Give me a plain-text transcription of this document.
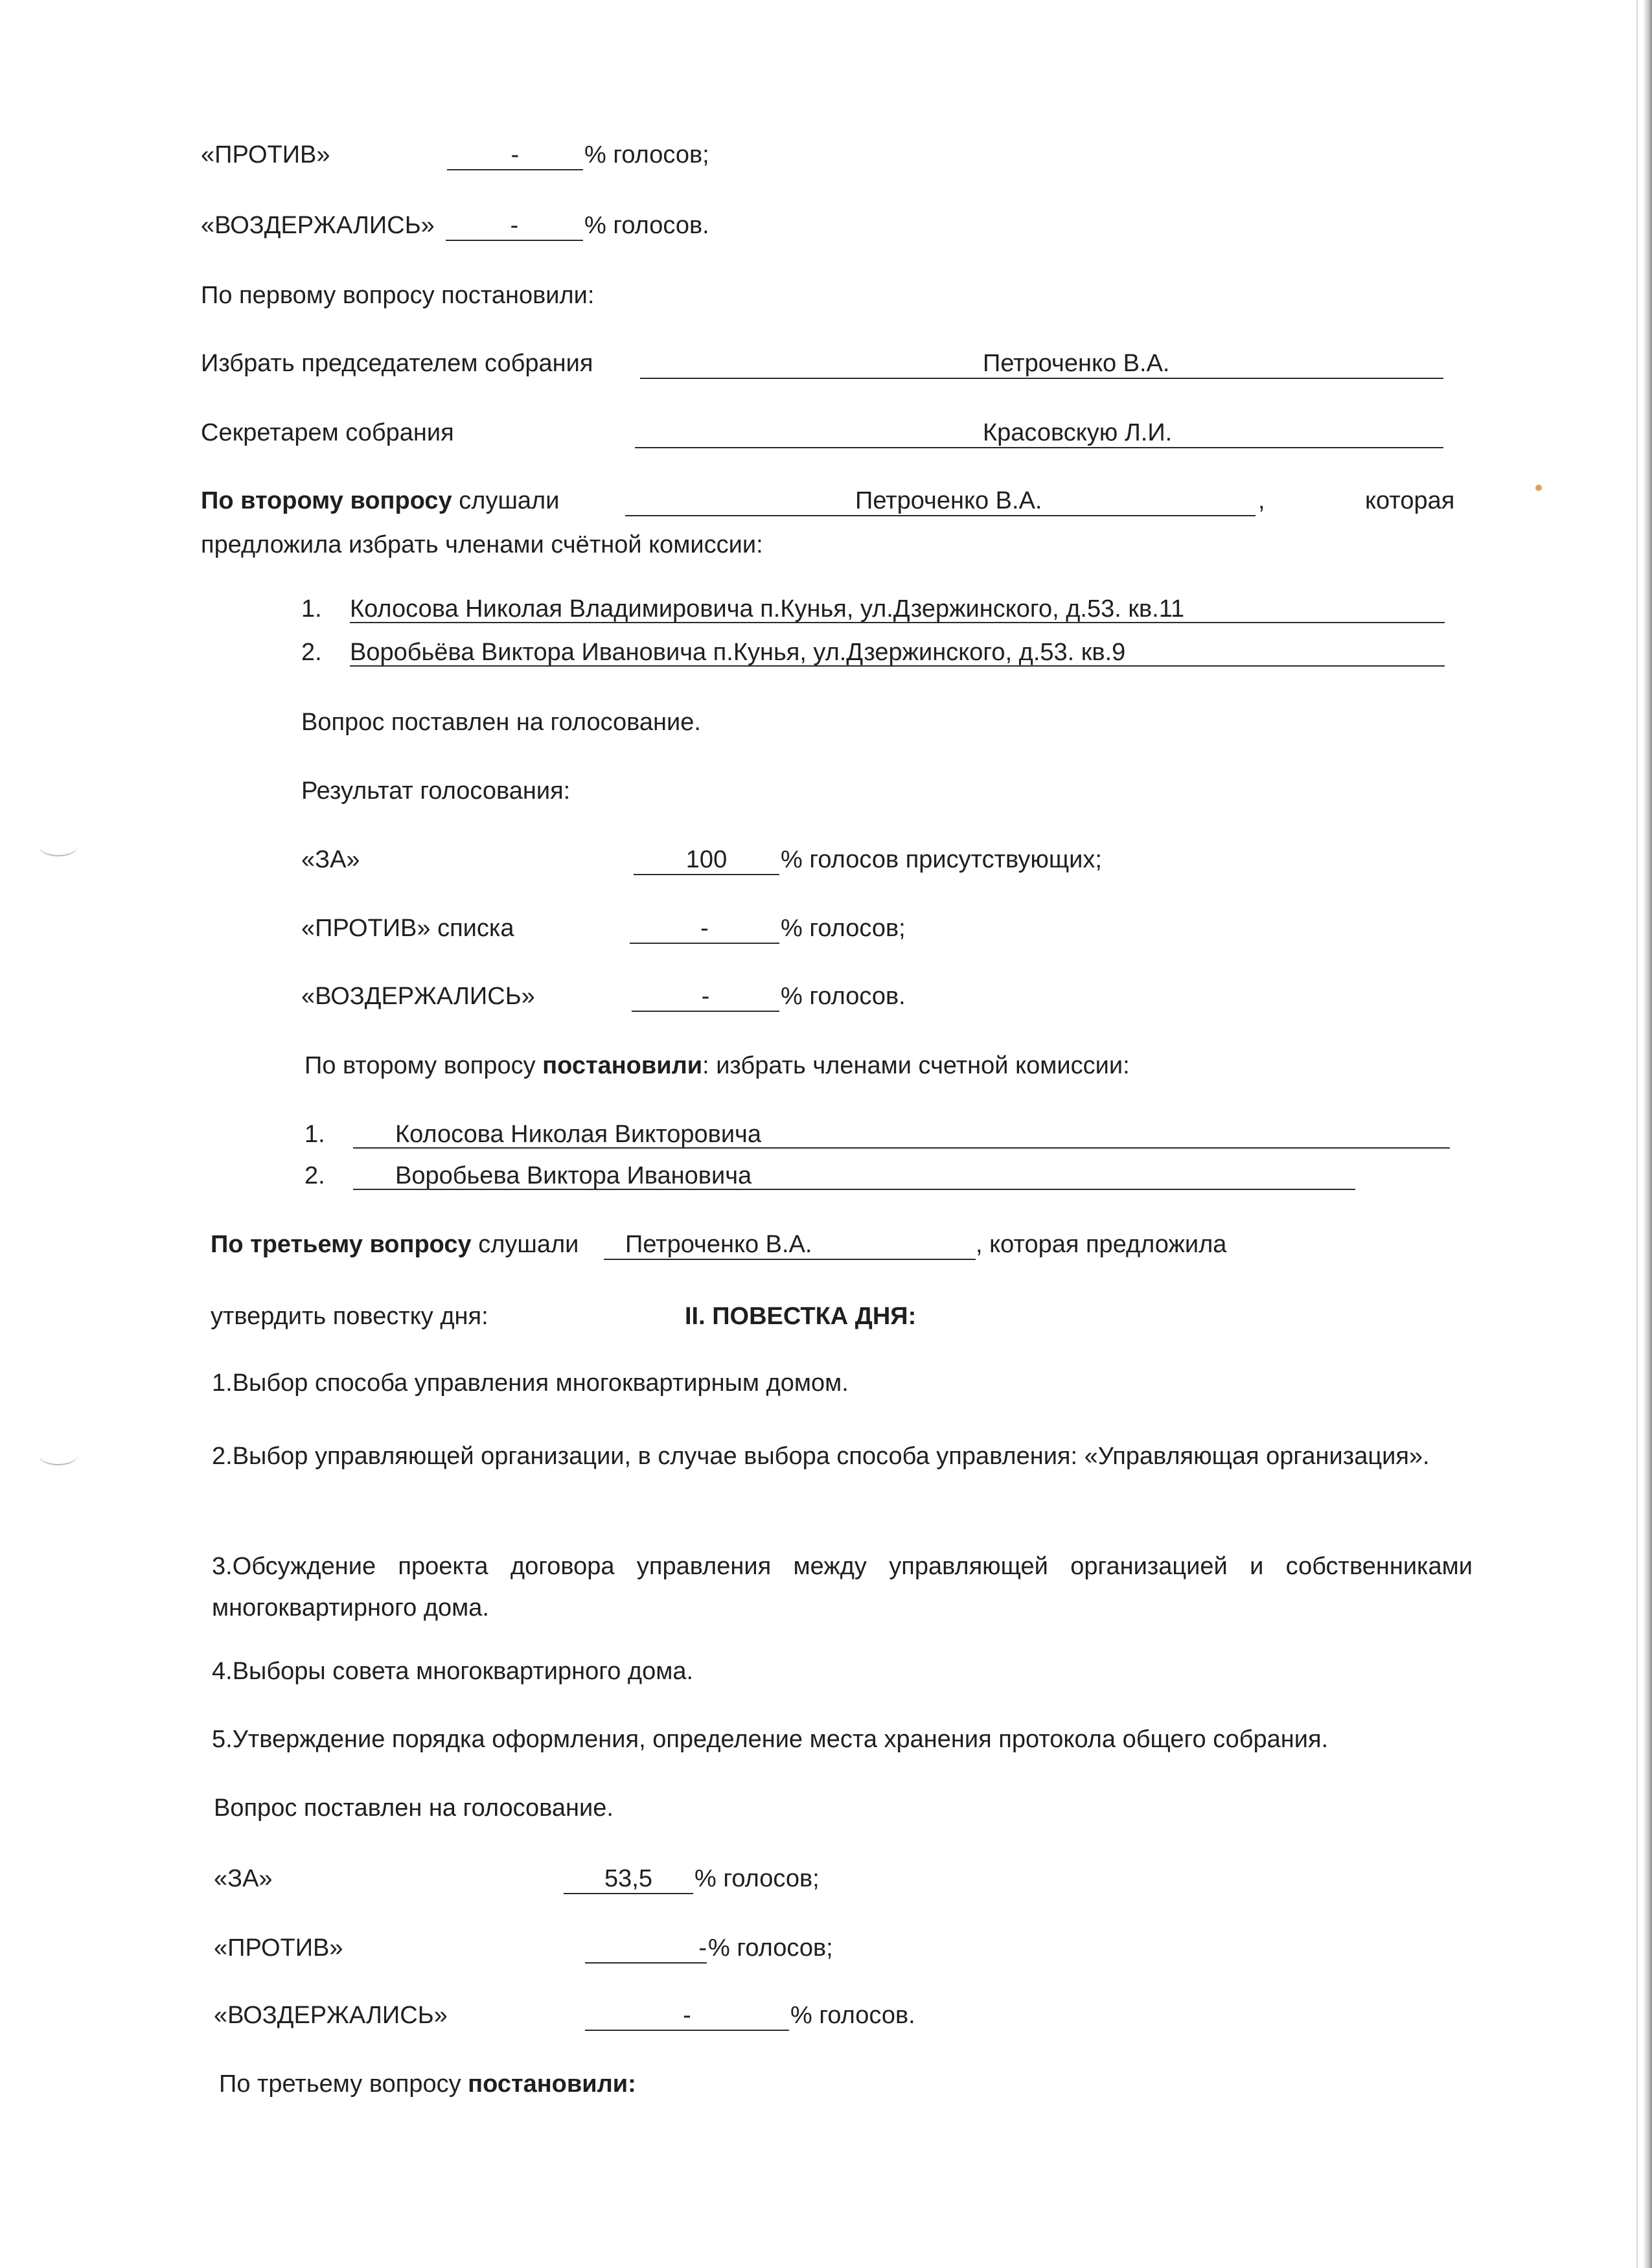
«ПРОТИВ»	-	% голосов;
«ВОЗДЕРЖАЛИСЬ»	-	% голосов.
По первому вопросу постановили:
Избрать председателем собрания	Петроченко В.А.
Секретарем собрания	Красовскую Л.И.
По второму вопросу слушали	Петроченко В.А.	,	которая
предложила избрать членами счётной комиссии:
1. Колосова Николая Владимировича п.Кунья, ул.Дзержинского, д.53. кв.11
2. Воробьёва Виктора Ивановича п.Кунья, ул.Дзержинского, д.53. кв.9
Вопрос поставлен на голосование.
Результат голосования:
«ЗА»	100	% голосов присутствующих;
«ПРОТИВ» списка	-	% голосов;
«ВОЗДЕРЖАЛИСЬ»	-	% голосов.
По второму вопросу постановили: избрать членами счетной комиссии:
1.	Колосова Николая Викторовича
2.	Воробьева Виктора Ивановича
По третьему вопросу слушали Петроченко В.А.	, которая предложила
утвердить повестку дня:	II. ПОВЕСТКА ДНЯ:
1.Выбор способа управления многоквартирным домом.
2.Выбор управляющей организации, в случае выбора способа управления: «Управляющая организация».
3.Обсуждение проекта договора управления между управляющей организацией и собственниками многоквартирного дома.
4.Выборы совета многоквартирного дома.
5.Утверждение порядка оформления, определение места хранения протокола общего собрания.
Вопрос поставлен на голосование.
«ЗА»	53,5	% голосов;
«ПРОТИВ»	- % голосов;
«ВОЗДЕРЖАЛИСЬ»	-	% голосов.
По третьему вопросу постановили:
